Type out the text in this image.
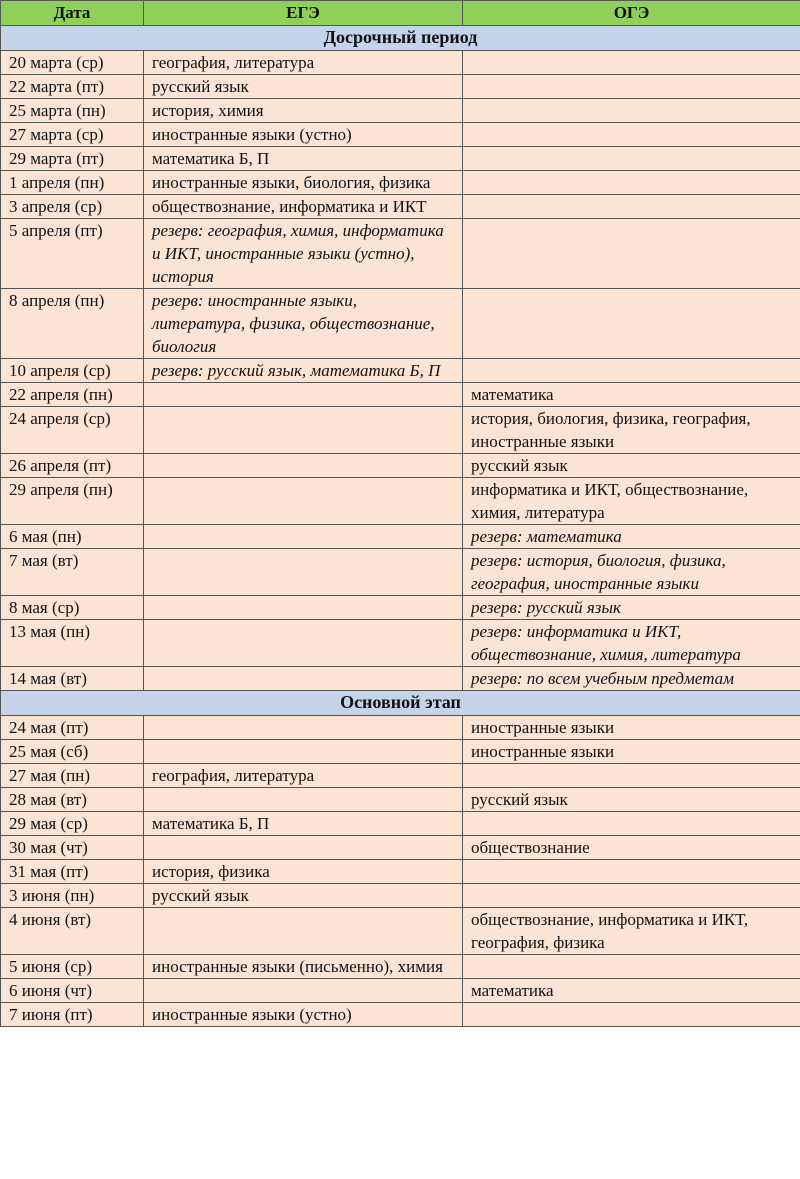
Дата	ЕГЭ	ОГЭ
Досрочный период		
20 марта (ср)	география, литература	
22 марта (пт)	русский язык	
25 марта (пн)	история, химия	
27 марта (ср)	иностранные языки (устно)	
29 марта (пт)	математика Б, П	
1 апреля (пн)	иностранные языки, биология, физика	
3 апреля (ср)	обществознание, информатика и ИКТ	
5 апреля (пт)	резерв: география, химия, информатика и ИКТ, иностранные языки (устно), история	
8 апреля (пн)	резерв: иностранные языки, литература, физика, обществознание, биология	
10 апреля (ср)	резерв: русский язык, математика Б, П	
22 апреля (пн)		математика
24 апреля (ср)		история, биология, физика, география, иностранные языки
26 апреля (пт)		русский язык
29 апреля (пн)		информатика и ИКТ, обществознание, химия, литература
6 мая (пн)		резерв: математика
7 мая (вт)		резерв: история, биология, физика, география, иностранные языки
8 мая (ср)		резерв: русский язык
13 мая (пн)		резерв: информатика и ИКТ, обществознание, химия, литература
14 мая (вт)		резерв: по всем учебным предметам
Основной этап		
24 мая (пт)		иностранные языки
25 мая (сб)		иностранные языки
27 мая (пн)	география, литература	
28 мая (вт)		русский язык
29 мая (ср)	математика Б, П	
30 мая (чт)		обществознание
31 мая (пт)	история, физика	
3 июня (пн)	русский язык	
4 июня (вт)		обществознание, информатика и ИКТ, география, физика
5 июня (ср)	иностранные языки (письменно), химия	
6 июня (чт)		математика
7 июня (пт)	иностранные языки (устно)	
